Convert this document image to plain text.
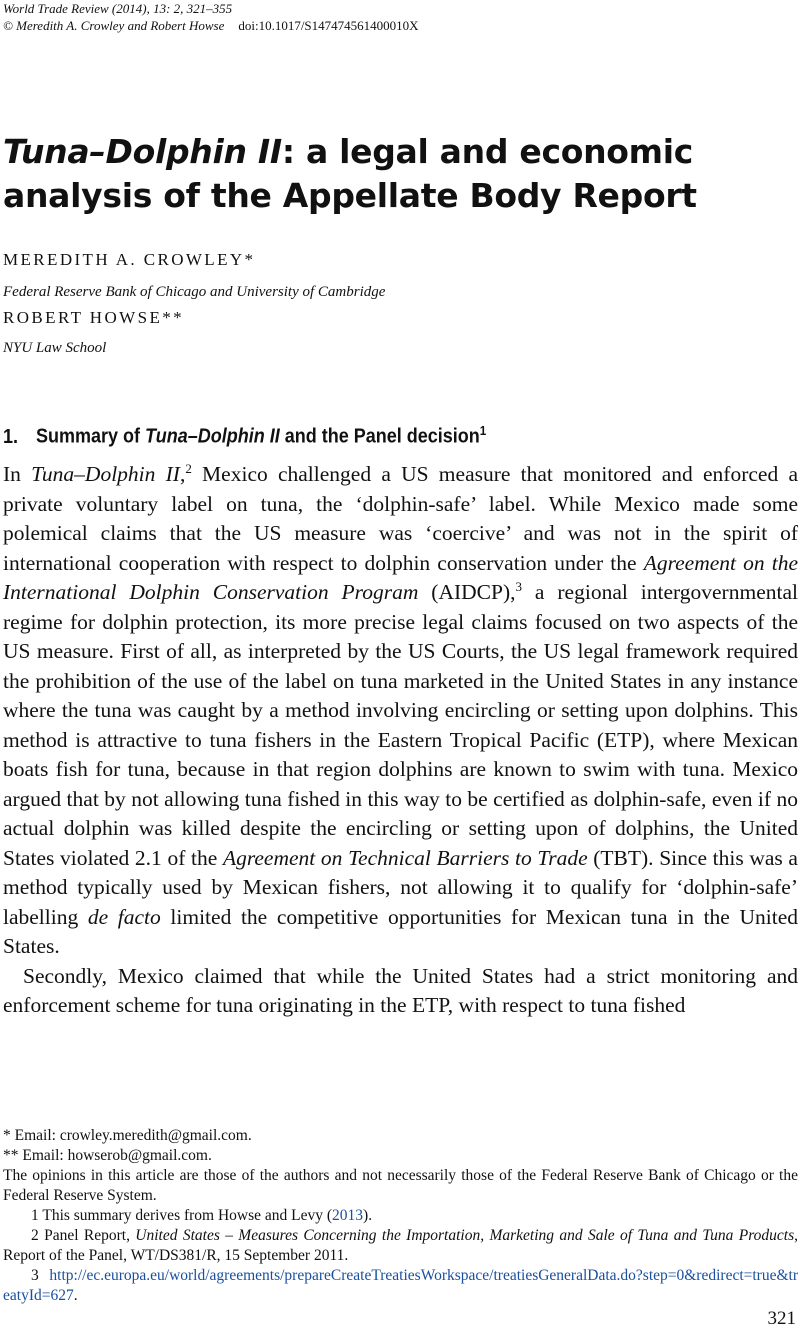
World Trade Review (2014), 13: 2, 321–355
© Meredith A. Crowley and Robert Howse doi:10.1017/S147474561400010X
Tuna–Dolphin II: a legal and economic analysis of the Appellate Body Report
MEREDITH A. CROWLEY*
Federal Reserve Bank of Chicago and University of Cambridge
ROBERT HOWSE**
NYU Law School
1. Summary of Tuna–Dolphin II and the Panel decision$^1$

In Tuna–Dolphin II,$^2$ Mexico challenged a US measure that monitored and enforced a private voluntary label on tuna, the ‘dolphin-safe’ label. While Mexico made some polemical claims that the US measure was ‘coercive’ and was not in the spirit of international cooperation with respect to dolphin conservation under the Agreement on the International Dolphin Conservation Program (AIDCP),$^3$ a regional intergovernmental regime for dolphin protection, its more precise legal claims focused on two aspects of the US measure. First of all, as interpreted by the US Courts, the US legal framework required the prohibition of the use of the label on tuna marketed in the United States in any instance where the tuna was caught by a method involving encircling or setting upon dolphins. This method is attractive to tuna fishers in the Eastern Tropical Pacific (ETP), where Mexican boats fish for tuna, because in that region dolphins are known to swim with tuna. Mexico argued that by not allowing tuna fished in this way to be certified as dolphin-safe, even if no actual dolphin was killed despite the encircling or setting upon of dolphins, the United States violated 2.1 of the Agreement on Technical Barriers to Trade (TBT). Since this was a method typically used by Mexican fishers, not allowing it to qualify for ‘dolphin-safe’ labelling de facto limited the competitive opportunities for Mexican tuna in the United States.

Secondly, Mexico claimed that while the United States had a strict monitoring and enforcement scheme for tuna originating in the ETP, with respect to tuna fished

* Email: crowley.meredith@gmail.com.

** Email: howserob@gmail.com.

The opinions in this article are those of the authors and not necessarily those of the Federal Reserve Bank of Chicago or the Federal Reserve System.

1 This summary derives from Howse and Levy (2013).

2 Panel Report, United States – Measures Concerning the Importation, Marketing and Sale of Tuna and Tuna Products, Report of the Panel, WT/DS381/R, 15 September 2011.

3 http://ec.europa.eu/world/agreements/prepareCreateTreatiesWorkspace/treatiesGeneralData.do?step=0&redirect=true&treatyId=627.

321
